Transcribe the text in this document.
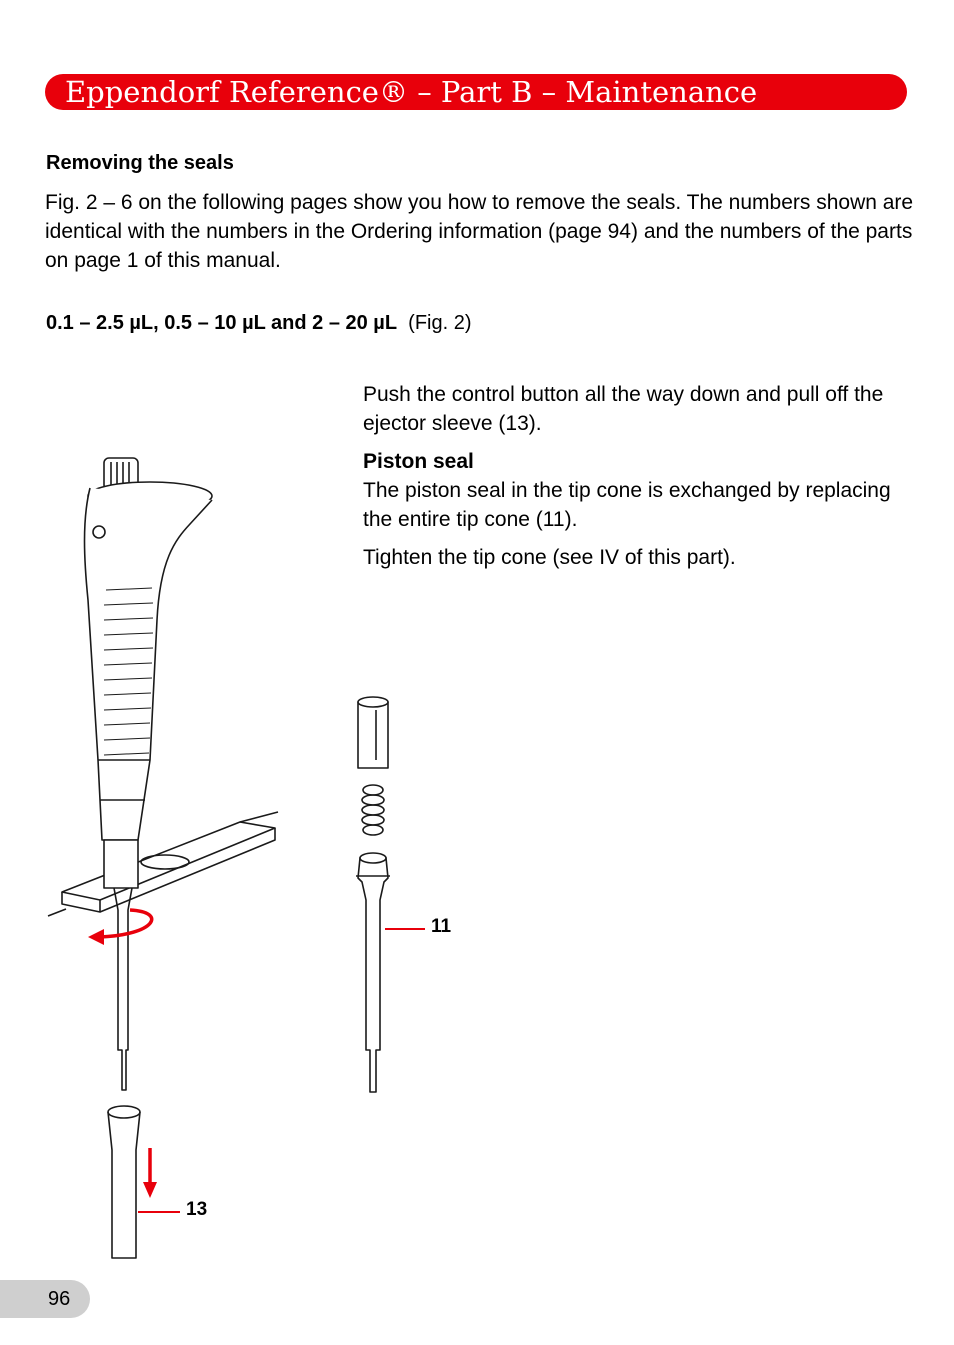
Eppendorf Reference® – Part B – Maintenance
Removing the seals
Fig. 2 – 6 on the following pages show you how to remove the seals. The numbers shown are identical with the numbers in the Ordering information (page 94) and the numbers of the parts on page 1 of this manual.
0.1 – 2.5 µL, 0.5 – 10 µL and 2 – 20 µL (Fig. 2)
Push the control button all the way down and pull off the ejector sleeve (13).
Piston seal
The piston seal in the tip cone is exchanged by replacing the entire tip cone (11).
Tighten the tip cone (see IV of this part).
11
13
96
